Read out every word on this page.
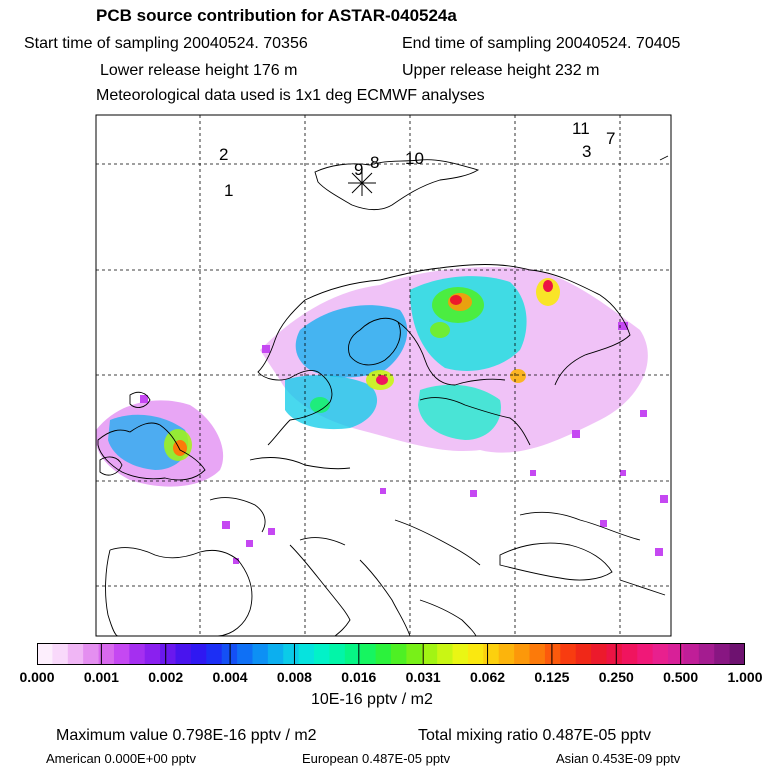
PCB source contribution for ASTAR-040524a
Start time of sampling 20040524. 70356	End time of sampling 20040524. 70405
Lower release height 176 m	Upper release height 232 m
Meteorological data used is 1x1 deg ECMWF analyses
2
1
9 8 10
11
3
7
0.000 0.001 0.002 0.004 0.008 0.016 0.031 0.062 0.125 0.250 0.500 1.000
10E-16 pptv / m2
Maximum value 0.798E-16 pptv / m2	Total mixing ratio 0.487E-05 pptv
American 0.000E+00 pptv	European 0.487E-05 pptv	Asian 0.453E-09 pptv
